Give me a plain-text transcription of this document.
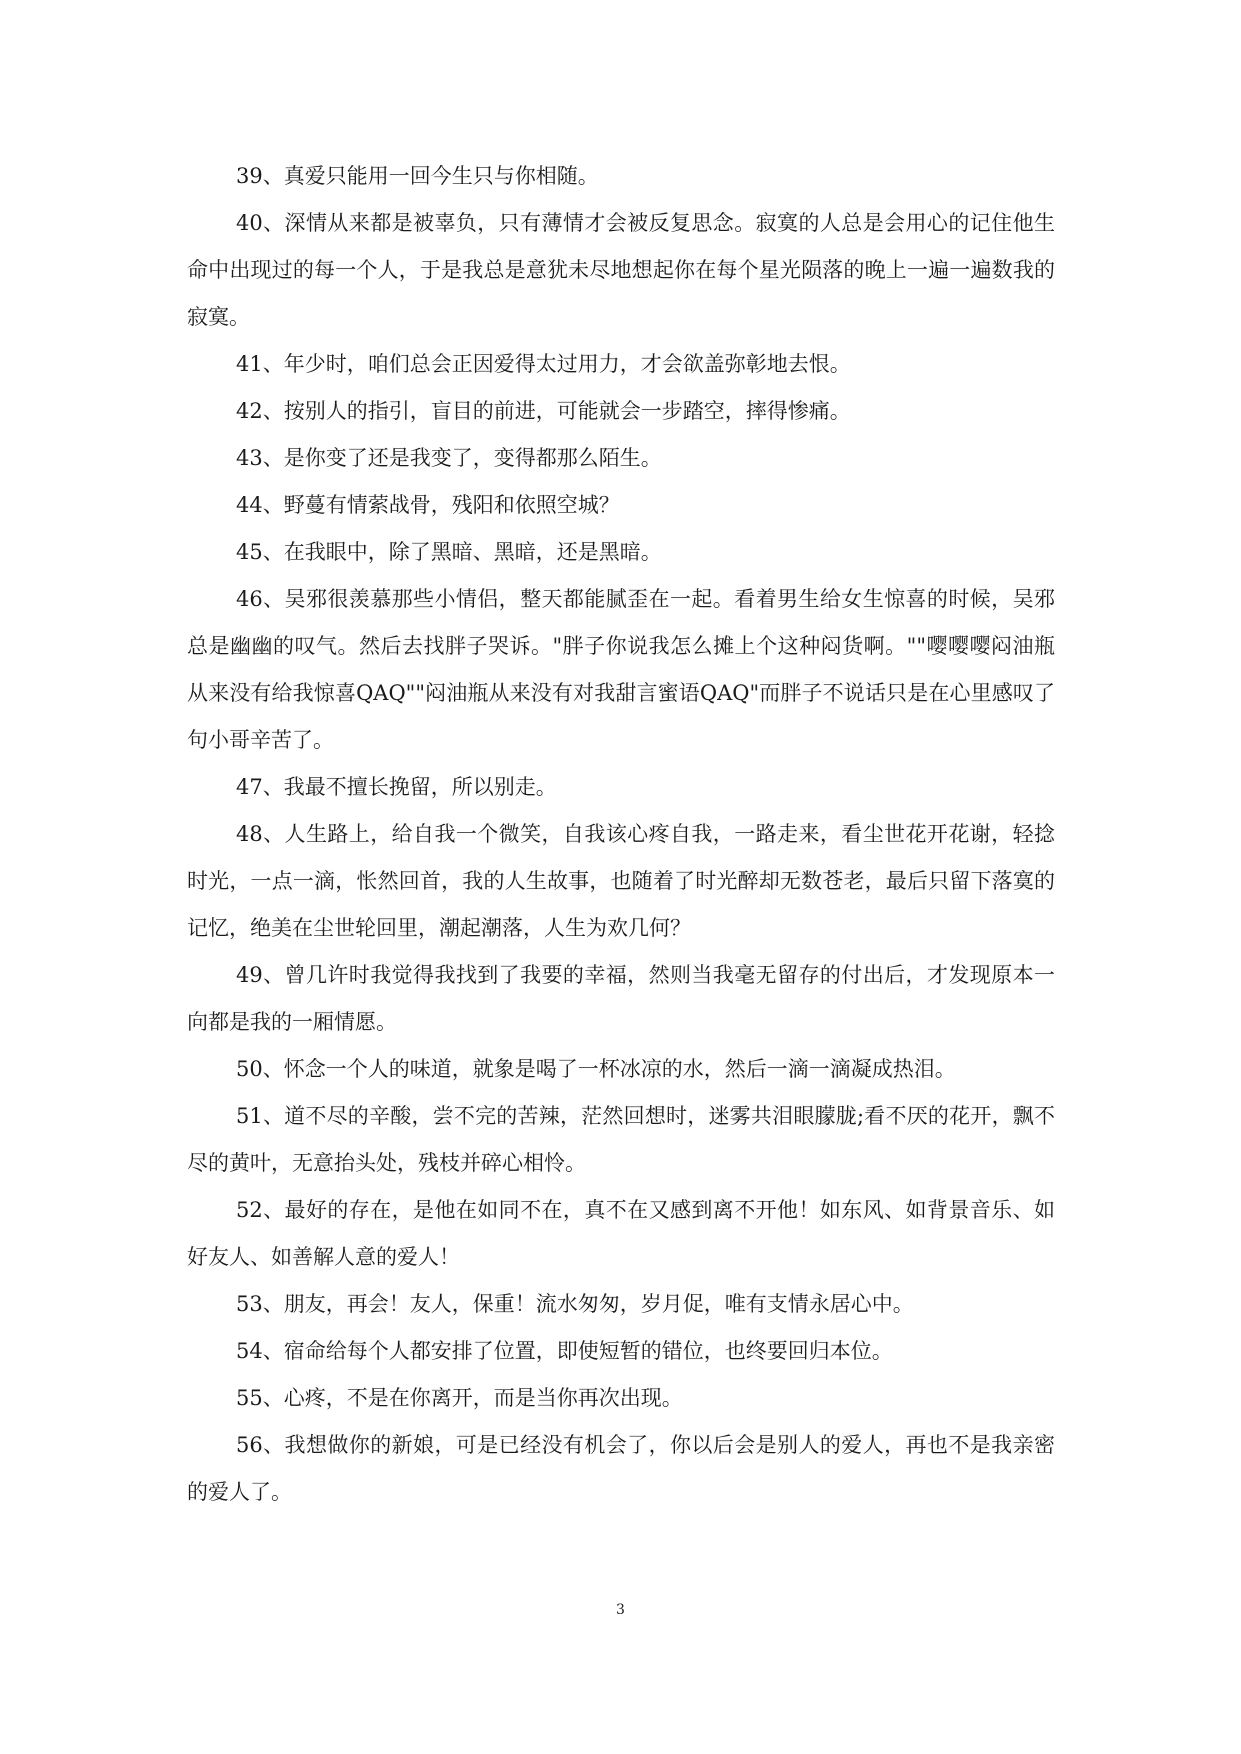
39、真爱只能用一回今生只与你相随。

40、深情从来都是被辜负，只有薄情才会被反复思念。寂寞的人总是会用心的记住他生命中出现过的每一个人，于是我总是意犹未尽地想起你在每个星光陨落的晚上一遍一遍数我的寂寞。

41、年少时，咱们总会正因爱得太过用力，才会欲盖弥彰地去恨。

42、按别人的指引，盲目的前进，可能就会一步踏空，摔得惨痛。

43、是你变了还是我变了，变得都那么陌生。

44、野蔓有情萦战骨，残阳和依照空城？

45、在我眼中，除了黑暗、黑暗，还是黑暗。

46、吴邪很羡慕那些小情侣，整天都能腻歪在一起。看着男生给女生惊喜的时候，吴邪总是幽幽的叹气。然后去找胖子哭诉。"胖子你说我怎么摊上个这种闷货啊。""嘤嘤嘤闷油瓶从来没有给我惊喜QAQ""闷油瓶从来没有对我甜言蜜语QAQ"而胖子不说话只是在心里感叹了句小哥辛苦了。

47、我最不擅长挽留，所以别走。

48、人生路上，给自我一个微笑，自我该心疼自我，一路走来，看尘世花开花谢，轻捻时光，一点一滴，怅然回首，我的人生故事，也随着了时光醉却无数苍老，最后只留下落寞的记忆，绝美在尘世轮回里，潮起潮落，人生为欢几何？

49、曾几许时我觉得我找到了我要的幸福，然则当我毫无留存的付出后，才发现原本一向都是我的一厢情愿。

50、怀念一个人的味道，就象是喝了一杯冰凉的水，然后一滴一滴凝成热泪。

51、道不尽的辛酸，尝不完的苦辣，茫然回想时，迷雾共泪眼朦胧;看不厌的花开，飘不尽的黄叶，无意抬头处，残枝并碎心相怜。

52、最好的存在，是他在如同不在，真不在又感到离不开他！如东风、如背景音乐、如好友人、如善解人意的爱人！

53、朋友，再会！友人，保重！流水匆匆，岁月促，唯有支情永居心中。

54、宿命给每个人都安排了位置，即使短暂的错位，也终要回归本位。

55、心疼，不是在你离开，而是当你再次出现。

56、我想做你的新娘，可是已经没有机会了，你以后会是别人的爱人，再也不是我亲密的爱人了。

3
